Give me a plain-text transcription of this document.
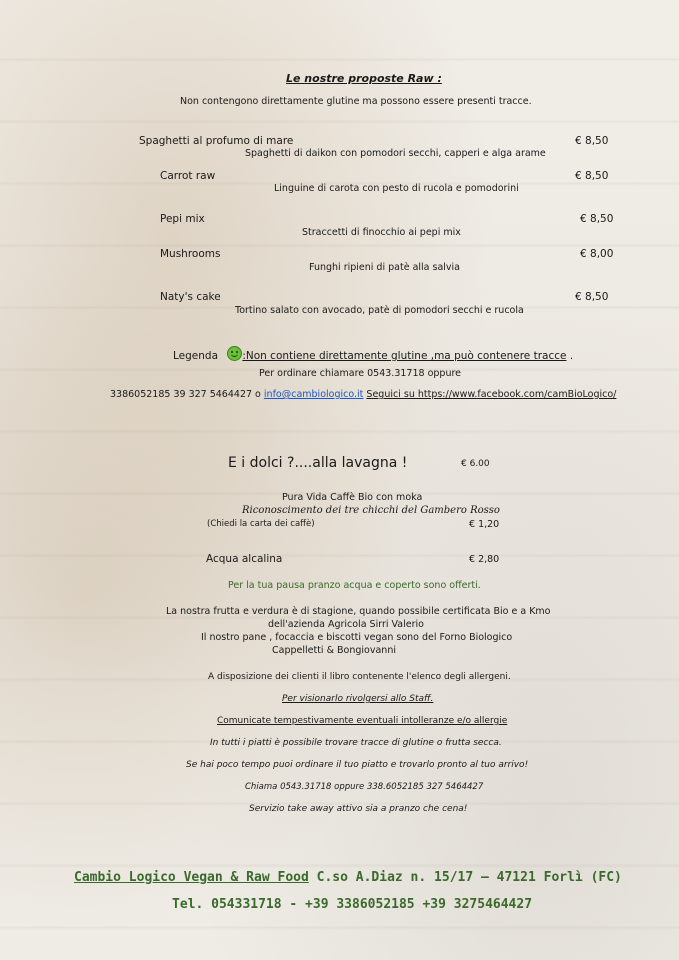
Le nostre proposte Raw :
Non contengono direttamente glutine ma possono essere presenti tracce.
Spaghetti al profumo di mare	€ 8,50
Spaghetti di daikon con pomodori secchi, capperi e alga arame
Carrot raw	€ 8,50
Linguine di carota con pesto di rucola e pomodorini
Pepi mix	€ 8,50
Straccetti di finocchio ai pepi mix
Mushrooms	€ 8,00
Funghi ripieni di patè alla salvia
Naty's cake	€ 8,50
Tortino salato con avocado, patè di pomodori secchi e rucola
Legenda :Non contiene direttamente glutine ,ma può contenere tracce .
Per ordinare chiamare 0543.31718 oppure
3386052185 39 327 5464427 o info@cambiologico.it Seguici su https://www.facebook.com/camBioLogico/
E i dolci ?....alla lavagna !	€ 6.00
Pura Vida Caffè Bio con moka
Riconoscimento dei tre chicchi del Gambero Rosso
(Chiedi la carta dei caffè)	€ 1,20
Acqua alcalina	€ 2,80
Per la tua pausa pranzo acqua e coperto sono offerti.
La nostra frutta e verdura è di stagione, quando possibile certificata Bio e a Kmo
dell'azienda Agricola Sirri Valerio
Il nostro pane , focaccia e biscotti vegan sono del Forno Biologico
Cappelletti & Bongiovanni
A disposizione dei clienti il libro contenente l'elenco degli allergeni.
Per visionarlo rivolgersi allo Staff.
Comunicate tempestivamente eventuali intolleranze e/o allergie
In tutti i piatti è possibile trovare tracce di glutine o frutta secca.
Se hai poco tempo puoi ordinare il tuo piatto e trovarlo pronto al tuo arrivo!
Chiama 0543.31718 oppure 338.6052185 327 5464427
Servizio take away attivo sia a pranzo che cena!
Cambio Logico Vegan & Raw Food C.so A.Diaz n. 15/17 – 47121 Forlì (FC)
Tel. 054331718 - +39 3386052185 +39 3275464427
